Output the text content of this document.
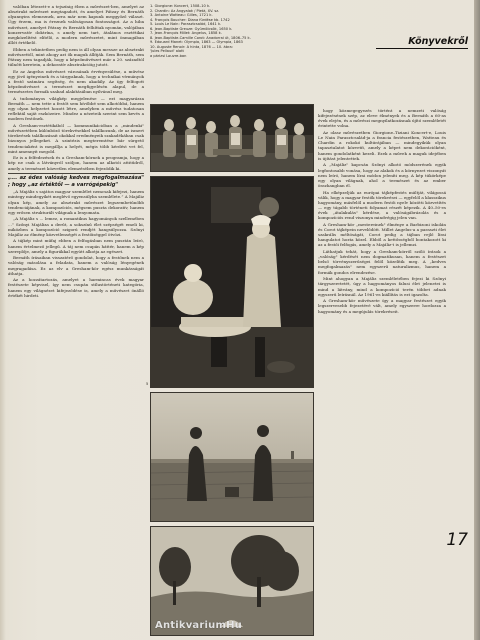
valóban létezett-e a tejszínig ében a művészet-ben, amelyet az absztrakt művészet megtagadott, és amelyet Pátzay és Bernáth olyannyira elemeznek, arra már nem kapunk meggyőző választ. Úgy érzem, ma is éreznek valóságosan fontosságot. Az a hiba művészet, amelyet Pátzay és Bernáth felhíttak nyomán, valójában konzervatív doktrína, s amely nem tart, átalános esztétikai megközelítést elítélő, a modern művészetet, mint önmagában állót értékelő.

Ebben a tekintetben pedig nem is áll olyan messze az absztrakt művészettől, mint ahogy azt ők maguk állítják. Sem Bernáth, sem Pátzay nem tagadják, hogy a képzőművészet már a 20. századtól túlnőtt keretein, a dekoratív absztrakcióig jutott.

Ez az Angelus művészet városának érvényesülése, a művész egy jövő igényeinek és a tárgyaknak, hogy a technikai vívmányok a festő számára segítség, és nem akadály. Az így felfogott képzőművészet a természet megfigyelésén alapul, de a természetes formák szabad alakításában nyilvánul meg.

A tudományos világkép megjelenése — ezt magyarázza Bernáth — nem tette a festőt sem hívőbbé sem alkotóbbá, hanem egy olyan helyzetet hozott létre, amelyben a művész tudatosan reflektál saját eszközeire. Mindez a nézeteik szerint sem kevés a modern festőnek.

A Gresham-esztétikából — kommunikációban a „mindenki" művészetében különböző törekvésekkel találkozunk, de az ismert törekvések találkozásait okokkal eredményeik szakadékában csak bizonyos jellegeket. A szintézis megteremtése bár sürgető tendenciaként is megállja a helyét, mégis több kérdést vet fel, mint amennyit megold.

Ez is a felfedezések és a Gresham-körnek a programja, hogy a kép ne csak a látványról szóljon, hanem az alkotói attitűdről, amely a természet közvetlen elemzésében fejeződik ki.

„... az édes valóság kedves megfogalmazása" ; hogy „az értéktől — a varrógépekig"

„A Majáliz s sajátos magyar szemlélet nemcsak kifejezi, hanem mintegy mindegyikét meglévő egyensúlyba szemlélete.” A Majáliz olyan kép, amely az absztrakt művészet legszembetűnőbb tendenciájának, a kompozíciós, mégsem puszta dekoratív, hanem egy erősen strukturált világnak a lenyomata.

„A Majáliz s ... lemez, a romantikus hagyományok szellemében ...” Szőnyi Majáliza a derűt, a sokszínű élet szépségét emeli ki, miközben a kompozíció szigorú rendjét hangsúlyozza. Szőnyi Majáliz az élmény közvetlenségét a festőiséggel ötvözi.

A tájkép mint műfaj ebben a felfogásban nem pusztán leíró, hanem értelmező jellegű. A táj nem csupán háttér, hanem a kép szereplője, amely a figurákkal együtt alkotja az egészet.

Bernáth írásaiban visszatérő gondolat, hogy a festőnek nem a valóság másolása a feladata, hanem a valóság lényegének megragadása. Ez az elv a Gresham-kör egész munkásságát áthatja.

Az a hozzátartozás, amelyet a harmincas évek magyar festészete képvisel, így nem csupán stílustörténeti kategória, hanem egy világnézet kifejeződése is, amely a művészet önálló értékét hirdeti.

1. Giorgione: Koncert, 1508–10 k.
2. Chardin: Az Angyalok / Pietà, XV. sz.
3. Antoine Watteau: Gilles, 1721 k.
4. François Boucher: Diana fürdése kb. 1742
5. Louis Le Nain: Parasztcsalád, 1641 k.
6. Jean-Baptiste Greuze: Gyümölcsök, 1650 k.
7. Jean-François Millet: Angelus, 1858 k.
8. Jean-Baptiste-Camille Corot: Anadorrai út, 1806–75 k.
9. Edouard Manet: Olympia, 1863 — Olympia, 1863
10. Auguste Renoir: A hinta, 1876 — 10. ábra:
'Jules Pellaud' alatt
a párizsi Louvre-ban
Könyvekről
5
AntikvariumHu

hogy közmegegyezés történt a nemzeti valóság kifejezésének szép, az eleve élmények és a Bernáth a 60-as évek elején, és a művészi megnyilatkozásnak újító szemléletét érintette volna.

Az olasz művészetben Giorgione–Tiziani Koncert-e, Louis Le Nain Parasztcsalád-ja a francia festészetben, Watteau és Chardin a rokokó kultúrájában — mindegyikük olyan tapasztalatot közvetít, amely a képet nem dekorációként, hanem gondolatként kezeli. Ezek a művek a maguk idejében is újítást jelentettek.

A „Majáliz" kapcsán Szőnyi alkotó módszerének egyik legfontosabb vonása, hogy az alakok és a környezet viszonyát nem leíró, hanem lírai módon jeleníti meg. A kép tükörképe egy olyan világnak, ahol a természet és az ember összhangban él.

Ha elképzeljük az európai tájképfestés múltját, világossá válik, hogy a magyar festők törekvései — egyfelől a klasszikus hagyomány, másfelől a modern festői nyelv közötti közvetítés — egy tágabb történeti folyamat részét képezik. A 40–50-es évek „átalakulás" kérdése, a valóságábrázolás és a kompozíciós rend viszonya mindvégig jelen van.

A Gresham-kör „mestereinek" élménye a Barbizoni iskolán és Corot tájképein nevelődött. Millet Angelus-a a paraszti élet szakrális méltóságát, Corot pedig a tájban rejlő lírai hangulatot hozta közel. Ebből a kettősségből bontakozott ki az a festői felfogás, amely a Majáliz-t is jellemzi.

Láthatjuk tehát, hogy a Gresham-körről szóló írások a „valóság" kérdését nem dogmatikusan, hanem a festészet belső törvényszerűségei felől közelítik meg. A „kedves megfogalmazás" nem egyszerű naturalizmus, hanem a formák gondos elrendezése.

Mint ahogyan a Majáliz szemléletében fejezi ki Szőnyi tárgyszeretetét, úgy a hagyományos falusi élet jelenetei is mind a látvány, mind a kompozíció terén többet adnak egyszerű leírásnál. Az 1961-es kiállítás is ezt igazolta.

A Gresham-kör művészete így a magyar festészet egyik legszervesebb fejezetévé vált, amely egyszerre hordozza a hagyomány és a megújulás törekvéseit.

17
